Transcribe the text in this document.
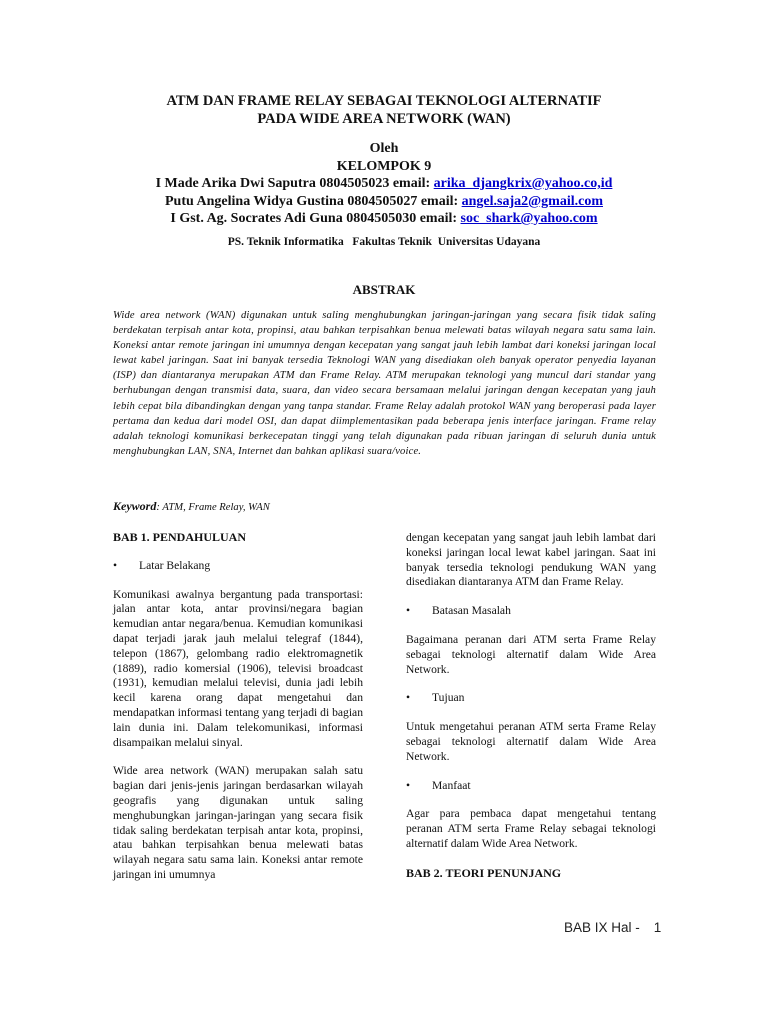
ATM DAN FRAME RELAY SEBAGAI TEKNOLOGI ALTERNATIF
PADA WIDE AREA NETWORK (WAN)
Oleh
KELOMPOK 9
I Made Arika Dwi Saputra 0804505023 email: arika_djangkrix@yahoo.co,id
Putu Angelina Widya Gustina 0804505027 email: angel.saja2@gmail.com
I Gst. Ag. Socrates Adi Guna 0804505030 email: soc_shark@yahoo.com
PS. Teknik Informatika   Fakultas Teknik  Universitas Udayana
ABSTRAK
Wide area network (WAN) digunakan untuk saling menghubungkan jaringan-jaringan yang secara fisik tidak saling berdekatan terpisah antar kota, propinsi, atau bahkan terpisahkan benua melewati batas wilayah negara satu sama lain. Koneksi antar remote jaringan ini umumnya dengan kecepatan yang sangat jauh lebih lambat dari koneksi jaringan local lewat kabel jaringan. Saat ini banyak tersedia Teknologi WAN yang disediakan oleh banyak operator penyedia layanan (ISP) dan diantaranya merupakan ATM dan Frame Relay. ATM merupakan teknologi yang muncul dari standar yang berhubungan dengan transmisi data, suara, dan video secara bersamaan melalui jaringan dengan kecepatan yang jauh lebih cepat bila dibandingkan dengan yang tanpa standar. Frame Relay adalah protokol WAN yang beroperasi pada layer pertama dan kedua dari model OSI, dan dapat diimplementasikan pada beberapa jenis interface jaringan. Frame relay adalah teknologi komunikasi berkecepatan tinggi yang telah digunakan pada ribuan jaringan di seluruh dunia untuk menghubungkan LAN, SNA, Internet dan bahkan aplikasi suara/voice.
Keyword: ATM, Frame Relay, WAN
BAB 1. PENDAHULUAN
•	Latar Belakang

Komunikasi awalnya bergantung pada transportasi: jalan antar kota, antar provinsi/negara bagian kemudian antar negara/benua. Kemudian komunikasi dapat terjadi jarak jauh melalui telegraf (1844), telepon (1867), gelombang radio elektromagnetik (1889), radio komersial (1906), televisi broadcast (1931), kemudian melalui televisi, dunia jadi lebih kecil karena orang dapat mengetahui dan mendapatkan informasi tentang yang terjadi di bagian lain dunia ini. Dalam telekomunikasi, informasi disampaikan melalui sinyal.

Wide area network (WAN) merupakan salah satu bagian dari jenis-jenis jaringan berdasarkan wilayah geografis yang digunakan untuk saling menghubungkan jaringan-jaringan yang secara fisik tidak saling berdekatan terpisah antar kota, propinsi, atau bahkan terpisahkan benua melewati batas wilayah negara satu sama lain. Koneksi antar remote jaringan ini umumnya

dengan kecepatan yang sangat jauh lebih lambat dari koneksi jaringan local lewat kabel jaringan. Saat ini banyak tersedia teknologi pendukung WAN yang disediakan diantaranya ATM dan Frame Relay.

•	Batasan Masalah

Bagaimana peranan dari ATM serta Frame Relay sebagai teknologi alternatif dalam Wide Area Network.

•	Tujuan

Untuk mengetahui peranan ATM serta Frame Relay sebagai teknologi alternatif dalam Wide Area Network.

•	Manfaat

Agar para pembaca dapat mengetahui tentang peranan ATM serta Frame Relay sebagai teknologi alternatif dalam Wide Area Network.

BAB 2. TEORI PENUNJANG
BAB IX Hal - 1
